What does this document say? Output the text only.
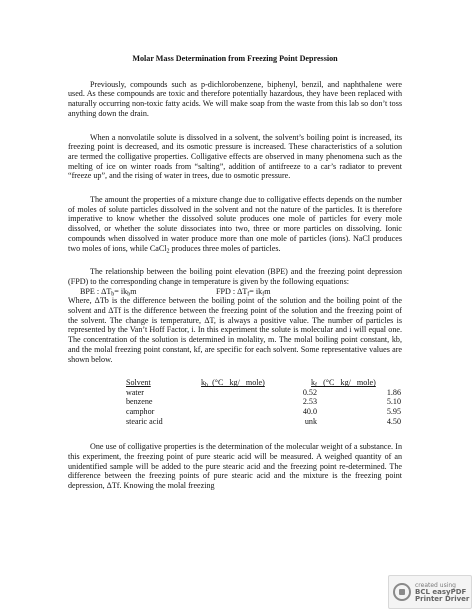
Molar Mass Determination from Freezing Point Depression

Previously, compounds such as p-dichlorobenzene, biphenyl, benzil, and naphthalene were used. As these compounds are toxic and therefore potentially hazardous, they have been replaced with naturally occurring non-toxic fatty acids. We will make soap from the waste from this lab so don’t toss anything down the drain.

When a nonvolatile solute is dissolved in a solvent, the solvent’s boiling point is increased, its freezing point is decreased, and its osmotic pressure is increased. These characteristics of a solution are termed the colligative properties. Colligative effects are observed in many phenomena such as the melting of ice on winter roads from “salting”, addition of antifreeze to a car’s radiator to prevent “freeze up”, and the rising of water in trees, due to osmotic pressure.

The amount the properties of a mixture change due to colligative effects depends on the number of moles of solute particles dissolved in the solvent and not the nature of the particles. It is therefore imperative to know whether the dissolved solute produces one mole of particles for every mole dissolved, or whether the solute dissociates into two, three or more particles on dissolving. Ionic compounds when dissolved in water produce more than one mole of particles (ions). NaCl produces two moles of ions, while CaCl$_2$ produces three moles of particles.

The relationship between the boiling point elevation (BPE) and the freezing point depression (FPD) to the corresponding change in temperature is given by the following equations:

BPE : $\Delta T_b= ik_bm$	FPD : $\Delta T_f= ik_fm$

Where, ΔTb is the difference between the boiling point of the solution and the boiling point of the solvent and ΔTf is the difference between the freezing point of the solution and the freezing point of the solvent. The change is temperature, ΔT, is always a positive value. The number of particles is represented by the Van’t Hoff Factor, i. In this experiment the solute is molecular and i will equal one. The concentration of the solution is determined in molality, m. The molal boiling point constant, kb, and the molal freezing point constant, kf, are specific for each solvent. Some representative values are shown below.

Solvent	$k_b$  (°C   kg/   mole)	$k_f$   (°C   kg/   mole)
water	0.52	1.86
benzene	2.53	5.10
camphor	40.0	5.95
stearic acid	unk	4.50

One use of colligative properties is the determination of the molecular weight of a substance. In this experiment, the freezing point of pure stearic acid will be measured. A weighed quantity of an unidentified sample will be added to the pure stearic acid and the freezing point re-determined. The difference between the freezing points of pure stearic acid and the mixture is the freezing point depression, ΔTf. Knowing the molal freezing

created using
BCL easyPDF
Printer Driver
